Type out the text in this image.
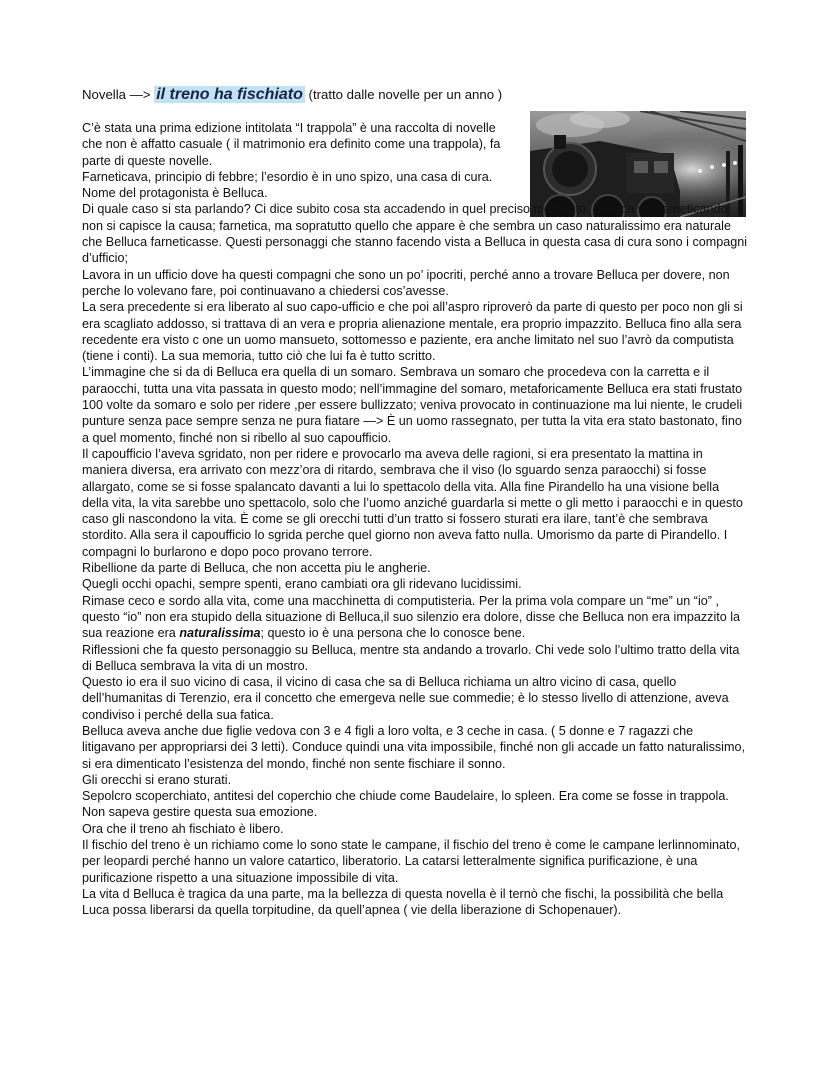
Novella —> il treno ha fischiato (tratto dalle novelle per un anno )

C’è stata una prima edizione intitolata “I trappola” è una raccolta di novelle che non è affatto casuale ( il matrimonio era definito come una trappola), fa parte di queste novelle.

Farneticava, principio di febbre; l’esordio è in uno spizo, una casa di cura.

Nome del protagonista è Belluca.

Di quale caso si sta parlando? Ci dice subito cosa sta accadendo in quel preciso momento, Belluca sta farneticando, non si capisce la causa; farnetica, ma sopratutto quello che appare è che sembra un caso naturalissimo era naturale che Belluca farneticasse. Questi personaggi che stanno facendo vista a Belluca in questa casa di cura sono i compagni d’ufficio;

Lavora in un ufficio dove ha questi compagni che sono un po’ ipocriti, perché anno a trovare Belluca per dovere, non perche lo volevano fare, poi continuavano a chiedersi cos’avesse.

La sera precedente si era liberato al suo capo-ufficio e che poi all’aspro riproverò da parte di questo per poco non gli si era scagliato addosso, si trattava di an vera e propria alienazione mentale, era proprio impazzito. Belluca fino alla sera recedente era visto c one un uomo mansueto, sottomesso e paziente, era anche limitato nel suo l’avrò da computista (tiene i conti). La sua memoria, tutto ciò che lui fa è tutto scritto.

L’immagine che si da di Belluca era quella di un somaro. Sembrava un somaro che procedeva con la carretta e il paraocchi, tutta una vita passata in questo modo; nell’immagine del somaro, metaforicamente Belluca era stati frustato 100 volte da somaro e solo per ridere ,per essere bullizzato; veniva provocato in continuazione ma lui niente, le crudeli punture senza pace sempre senza ne pura fiatare —> È un uomo rassegnato, per tutta la vita era stato bastonato, fino a quel momento, finché non si ribello al suo capoufficio.

Il capoufficio l’aveva sgridato, non per ridere e provocarlo ma aveva delle ragioni, si era presentato la mattina in maniera diversa, era arrivato con mezz’ora di ritardo, sembrava che il viso (lo sguardo senza paraocchi) si fosse allargato, come se si fosse spalancato davanti a lui lo spettacolo della vita. Alla fine Pirandello ha una visione bella della vita, la vita sarebbe uno spettacolo, solo che l’uomo anziché guardarla si mette o gli metto i paraocchi e in questo caso gli nascondono la vita. È come se gli orecchi tutti d’un tratto si fossero sturati era ilare, tant’è che sembrava stordito. Alla sera il capoufficio lo sgrida perche quel giorno non aveva fatto nulla. Umorismo da parte di Pirandello. I compagni lo burlarono e dopo poco provano terrore.

Ribellione da parte di Belluca, che non accetta piu le angherie.

Quegli occhi opachi, sempre spenti, erano cambiati ora gli ridevano lucidissimi.

Rimase ceco e sordo alla vita, come una macchinetta di computisteria. Per la prima vola compare un “me” un “io” , questo “io” non era stupido della situazione di Belluca,il suo silenzio era dolore, disse che Belluca non era impazzito la sua reazione era naturalissima; questo io è una persona che lo conosce bene.

Riflessioni che fa questo personaggio su Belluca, mentre sta andando a trovarlo. Chi vede solo l’ultimo tratto della vita di Belluca sembrava la vita di un mostro.

Questo io era il suo vicino di casa, il vicino di casa che sa di Belluca richiama un altro vicino di casa, quello dell’humanitas di Terenzio, era il concetto che emergeva nelle sue commedie; è lo stesso livello di attenzione, aveva condiviso i perché della sua fatica.

Belluca aveva anche due figlie vedova con 3 e 4 figli a loro volta, e 3 ceche in casa. ( 5 donne e 7 ragazzi che litigavano per appropriarsi dei 3 letti). Conduce quindi una vita impossibile, finché non gli accade un fatto naturalissimo, si era dimenticato l’esistenza del mondo, finché non sente fischiare il sonno.

Gli orecchi si erano sturati.

Sepolcro scoperchiato, antitesi del coperchio che chiude come Baudelaire, lo spleen. Era come se fosse in trappola. Non sapeva gestire questa sua emozione.

Ora che il treno ah fischiato è libero.

Il fischio del treno è un richiamo come lo sono state le campane, il fischio del treno è come le campane lerlinnominato, per leopardi perché hanno un valore catartico, liberatorio. La catarsi letteralmente significa purificazione, è una purificazione rispetto a una situazione impossibile di vita.

La vita d Belluca è tragica da una parte, ma la bellezza di questa novella è il ternò che fischi, la possibilità che bella Luca possa liberarsi da quella torpitudine, da quell’apnea ( vie della liberazione di Schopenauer).
